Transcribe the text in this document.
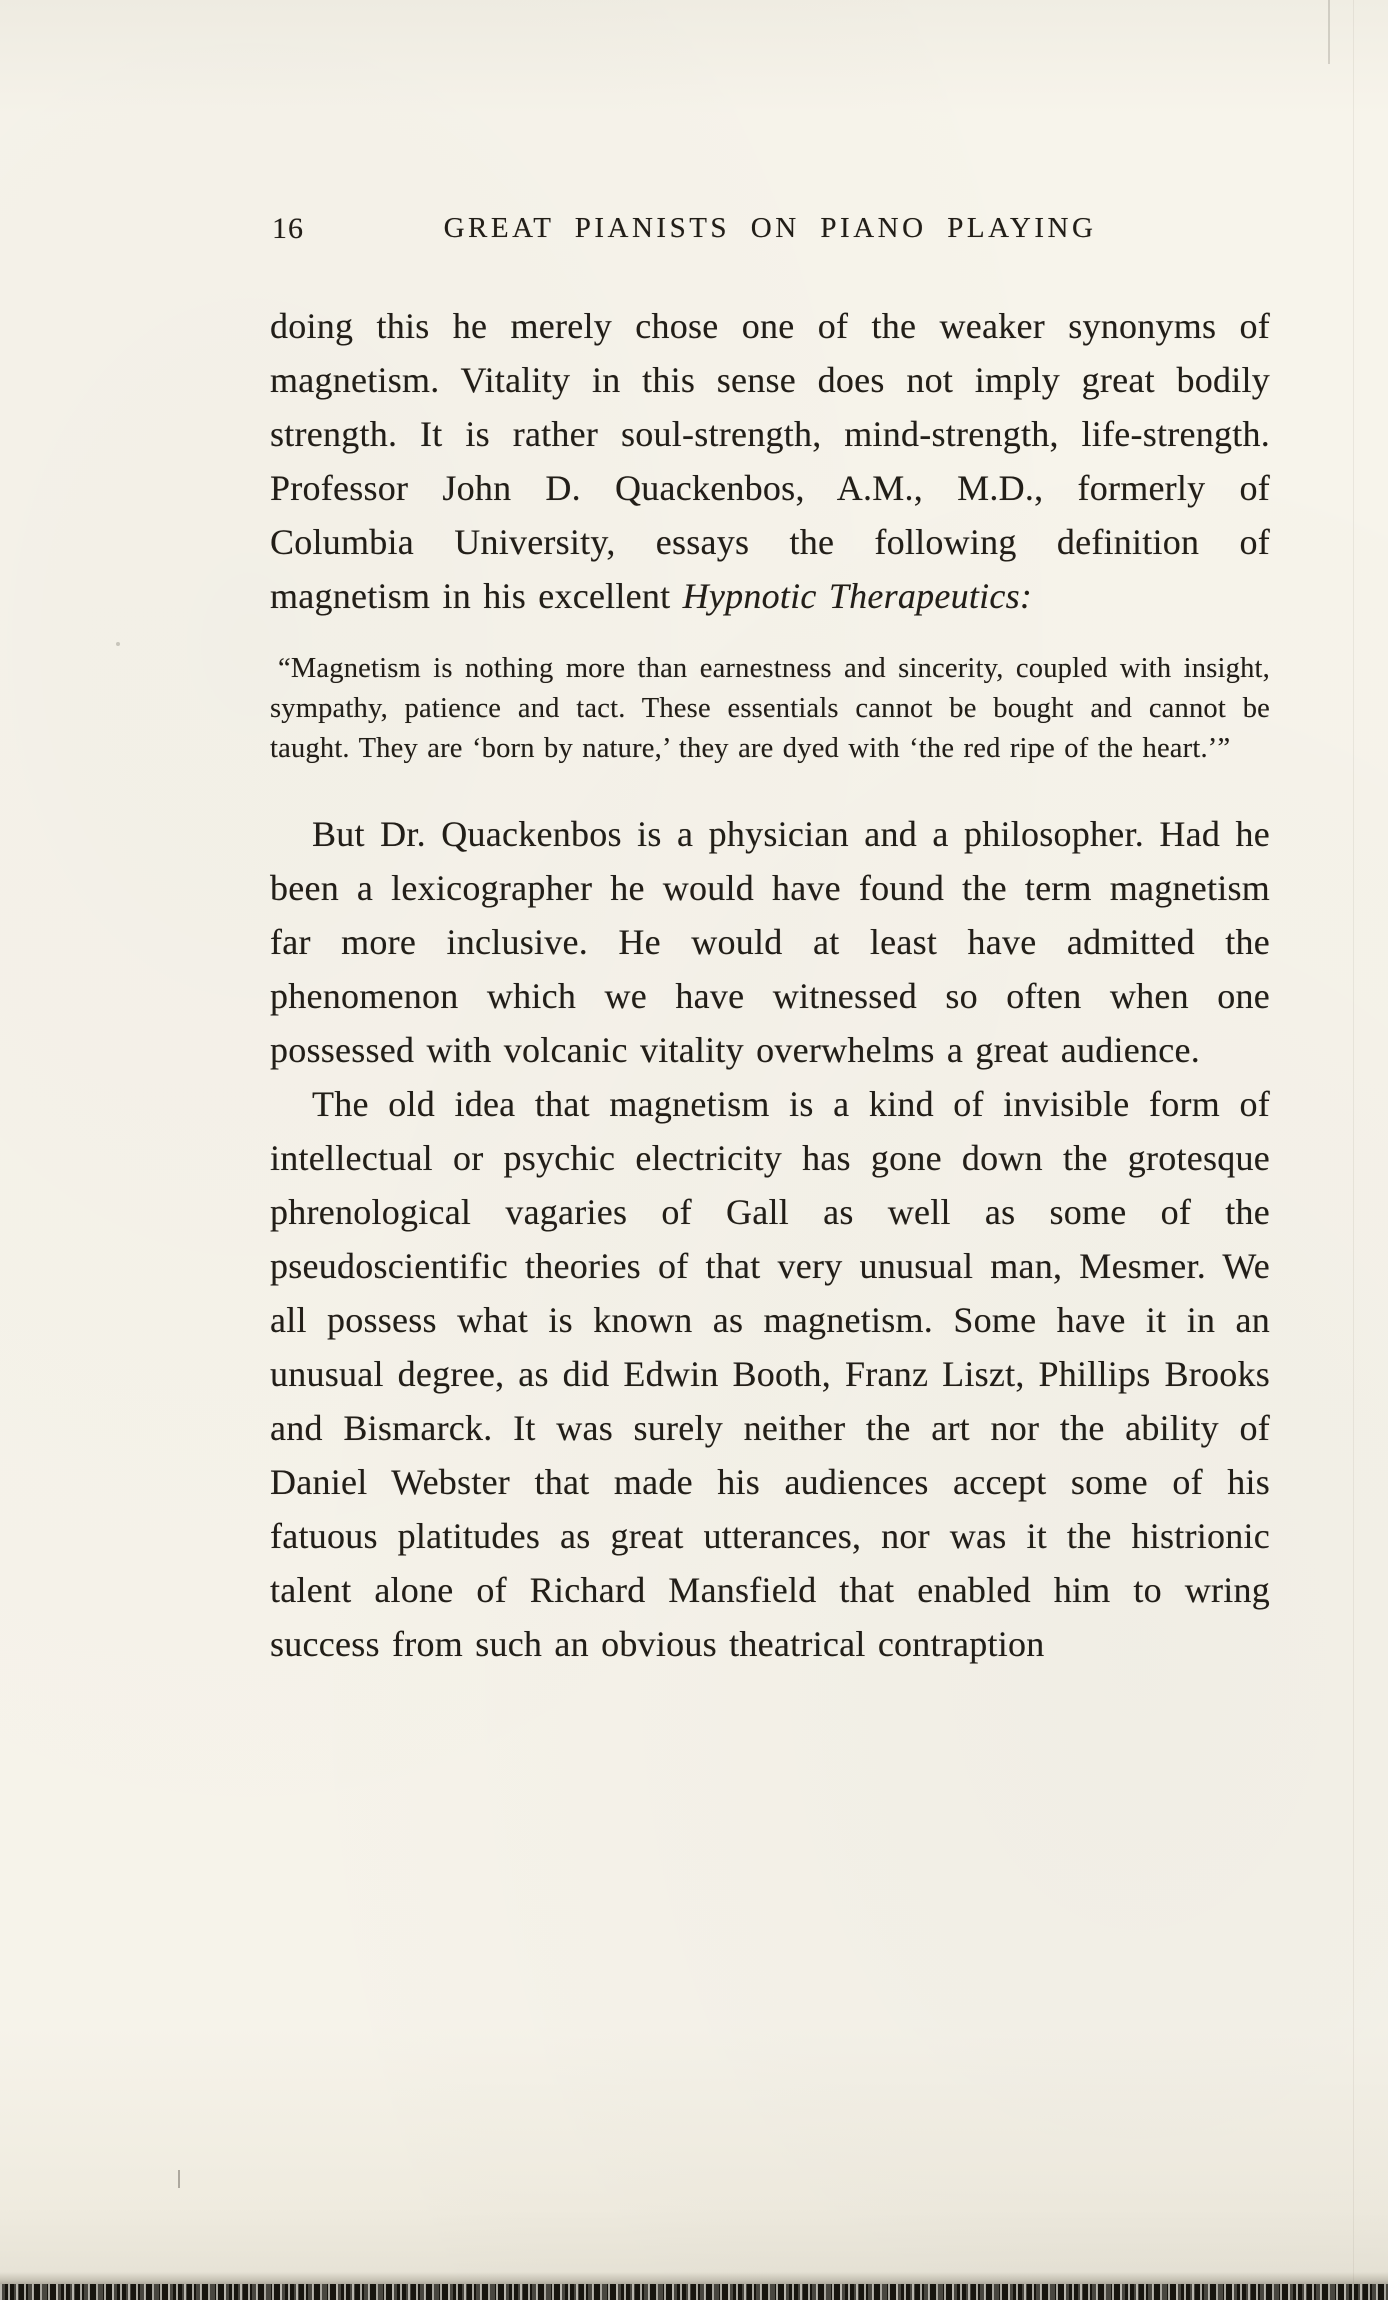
16	GREAT PIANISTS ON PIANO PLAYING

doing this he merely chose one of the weaker synonyms of magnetism. Vitality in this sense does not imply great bodily strength. It is rather soul-strength, mind-strength, life-strength. Professor John D. Quackenbos, A.M., M.D., formerly of Columbia University, essays the following definition of magnetism in his excellent Hypnotic Therapeutics:

“Magnetism is nothing more than earnestness and sincerity, coupled with insight, sympathy, patience and tact. These essentials cannot be bought and cannot be taught. They are ‘born by nature,’ they are dyed with ‘the red ripe of the heart.’”

But Dr. Quackenbos is a physician and a philosopher. Had he been a lexicographer he would have found the term magnetism far more inclusive. He would at least have admitted the phenomenon which we have witnessed so often when one possessed with volcanic vitality overwhelms a great audience.

The old idea that magnetism is a kind of invisible form of intellectual or psychic electricity has gone down the grotesque phrenological vagaries of Gall as well as some of the pseudoscientific theories of that very unusual man, Mesmer. We all possess what is known as magnetism. Some have it in an unusual degree, as did Edwin Booth, Franz Liszt, Phillips Brooks and Bismarck. It was surely neither the art nor the ability of Daniel Webster that made his audiences accept some of his fatuous platitudes as great utterances, nor was it the histrionic talent alone of Richard Mansfield that enabled him to wring success from such an obvious theatrical contraption
